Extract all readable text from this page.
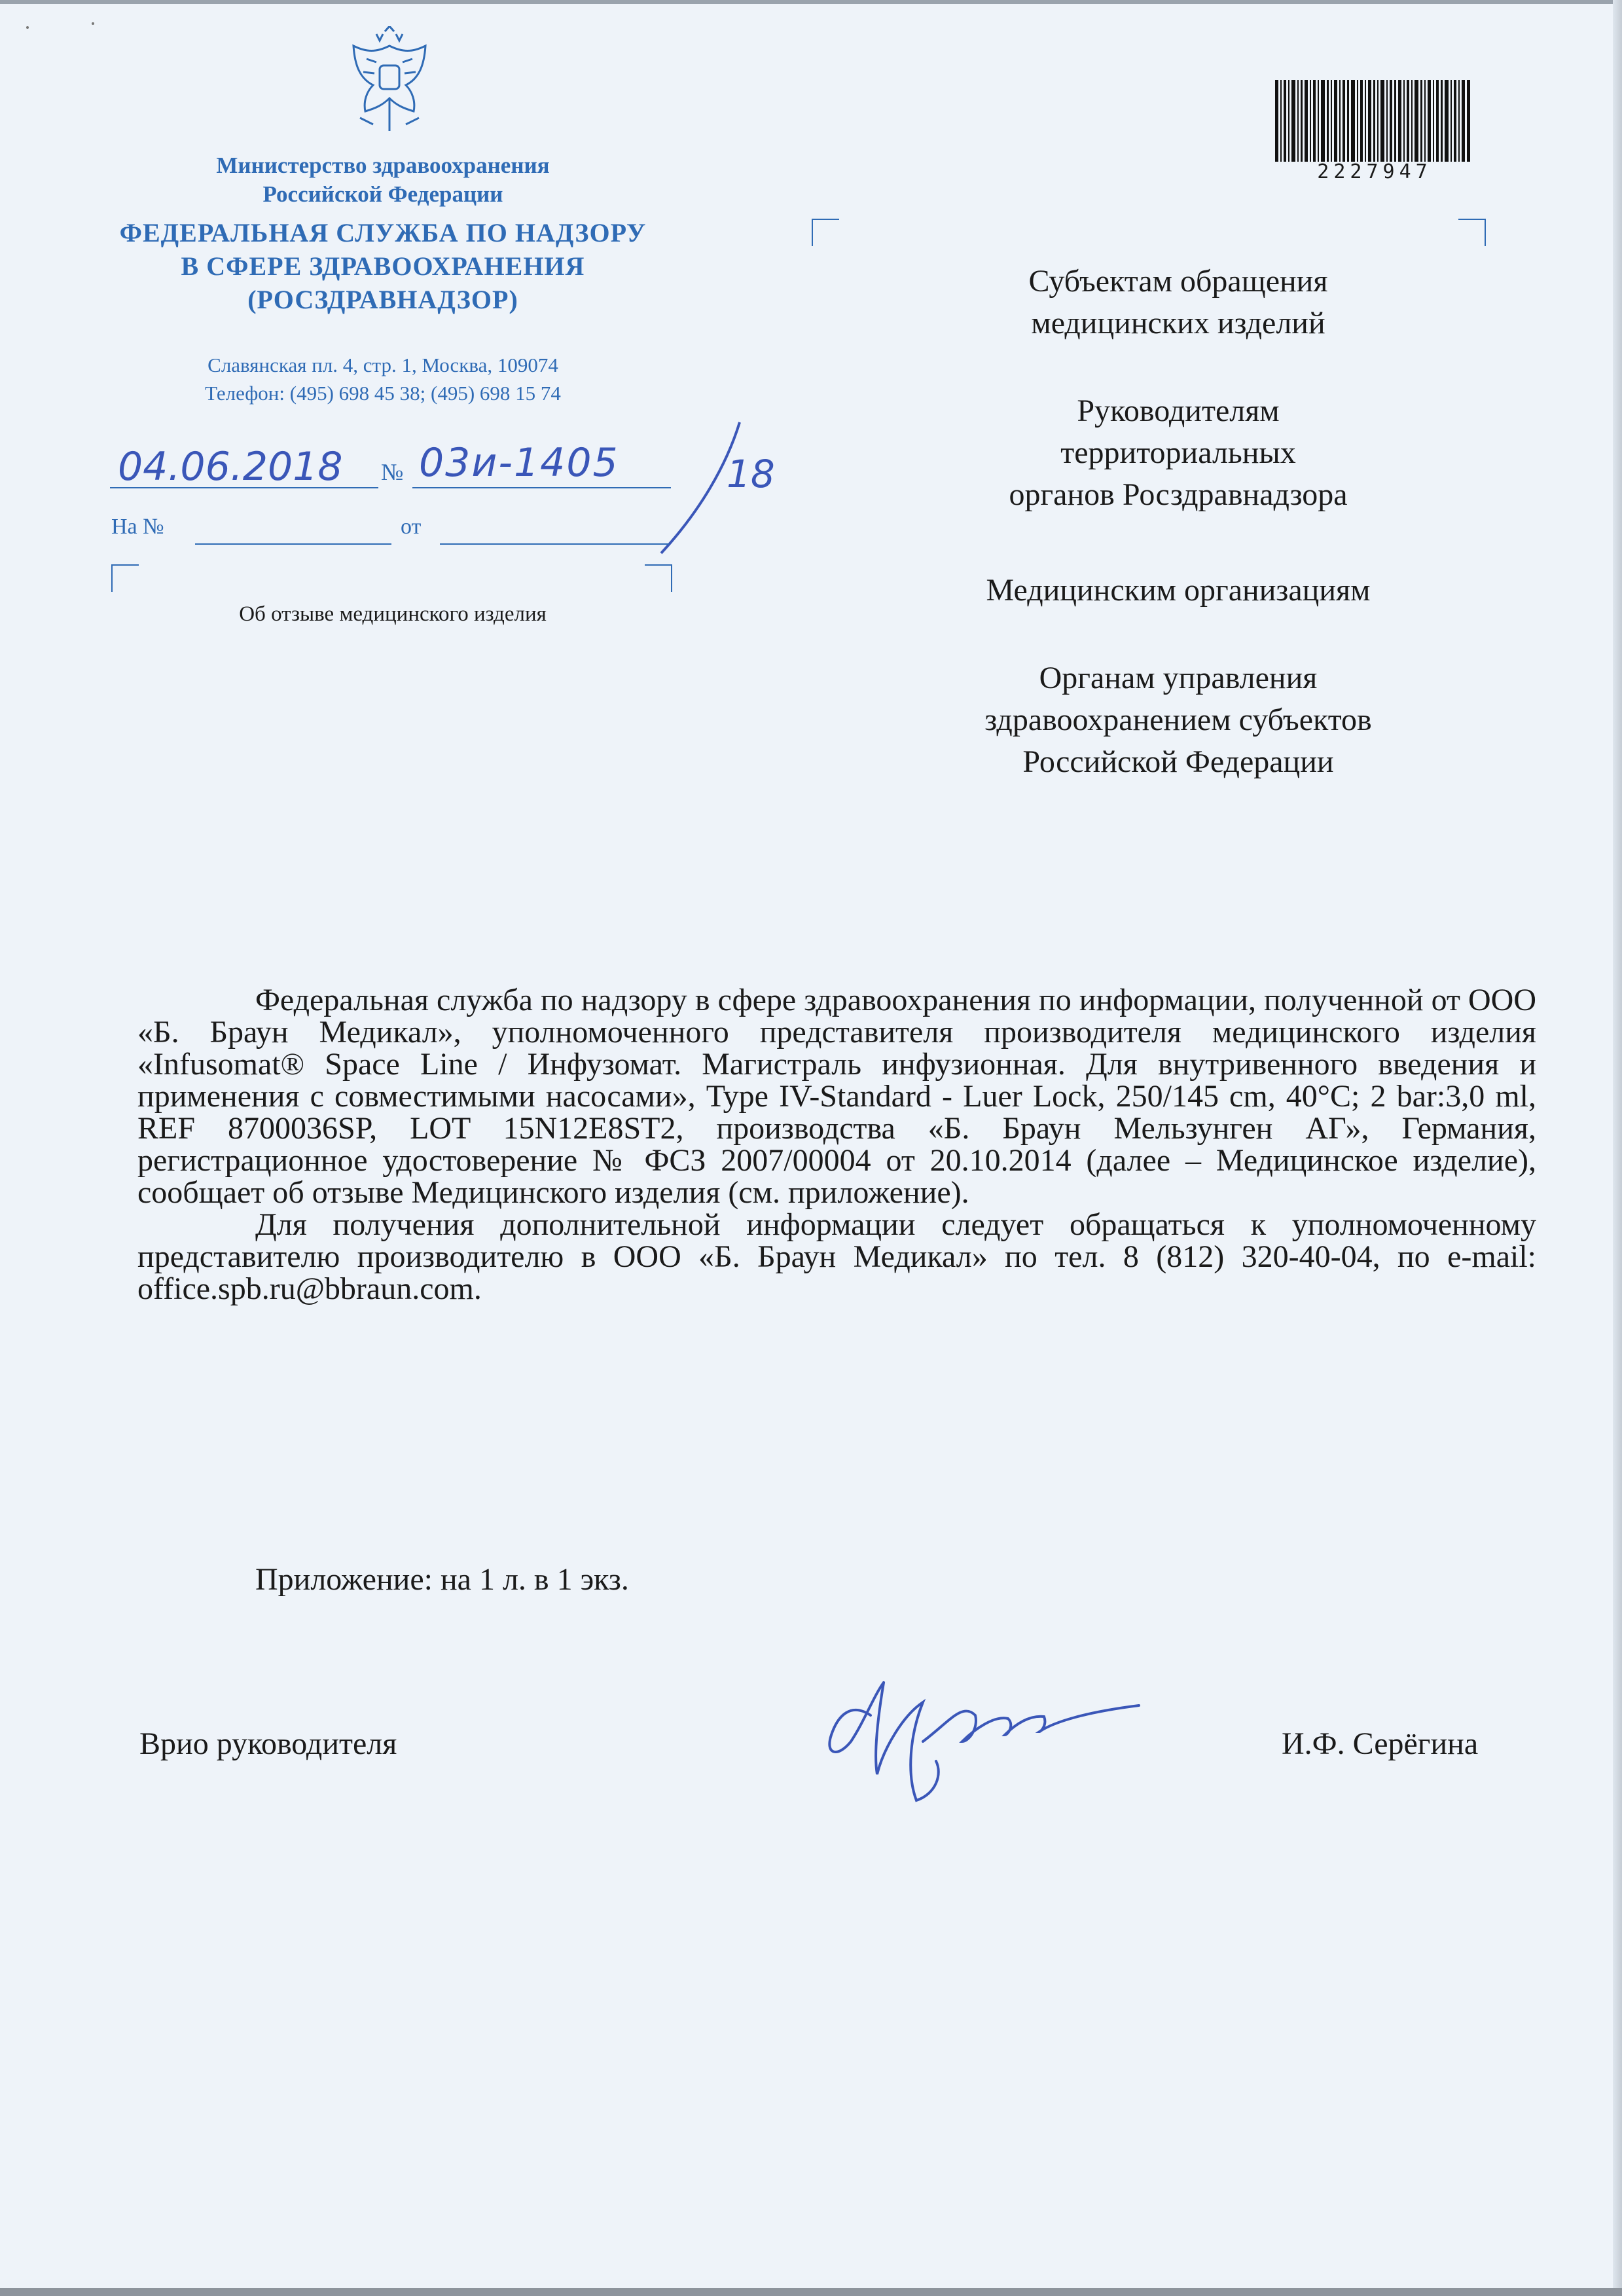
Министерство здравоохранения
Российской Федерации
ФЕДЕРАЛЬНАЯ СЛУЖБА ПО НАДЗОРУ
В СФЕРЕ ЗДРАВООХРАНЕНИЯ
(РОСЗДРАВНАДЗОР)
Славянская пл. 4, стр. 1, Москва, 109074
Телефон: (495) 698 45 38; (495) 698 15 74
04.06.2018 № 03и-1405	18
На №	от
Об отзыве медицинского изделия
2227947
Субъектам обращения
медицинских изделий
Руководителям
территориальных
органов Росздравнадзора
Медицинским организациям
Органам управления
здравоохранением субъектов
Российской Федерации

Федеральная служба по надзору в сфере здравоохранения по информации, полученной от ООО «Б. Браун Медикал», уполномоченного представителя производителя медицинского изделия «Infusomat® Space Line / Инфузомат. Магистраль инфузионная. Для внутривенного введения и применения с совместимыми насосами», Type IV-Standard - Luer Lock, 250/145 cm, 40°C; 2 bar:3,0 ml, REF 8700036SP, LOT 15N12E8ST2, производства «Б. Браун Мельзунген АГ», Германия, регистрационное удостоверение № ФСЗ 2007/00004 от 20.10.2014 (далее – Медицинское изделие), сообщает об отзыве Медицинского изделия (см. приложение).

Для получения дополнительной информации следует обращаться к уполномоченному представителю производителю в ООО «Б. Браун Медикал» по тел. 8 (812) 320-40-04, по e-mail: office.spb.ru@bbraun.com.

Приложение: на 1 л. в 1 экз.
Врио руководителя	И.Ф. Серёгина
